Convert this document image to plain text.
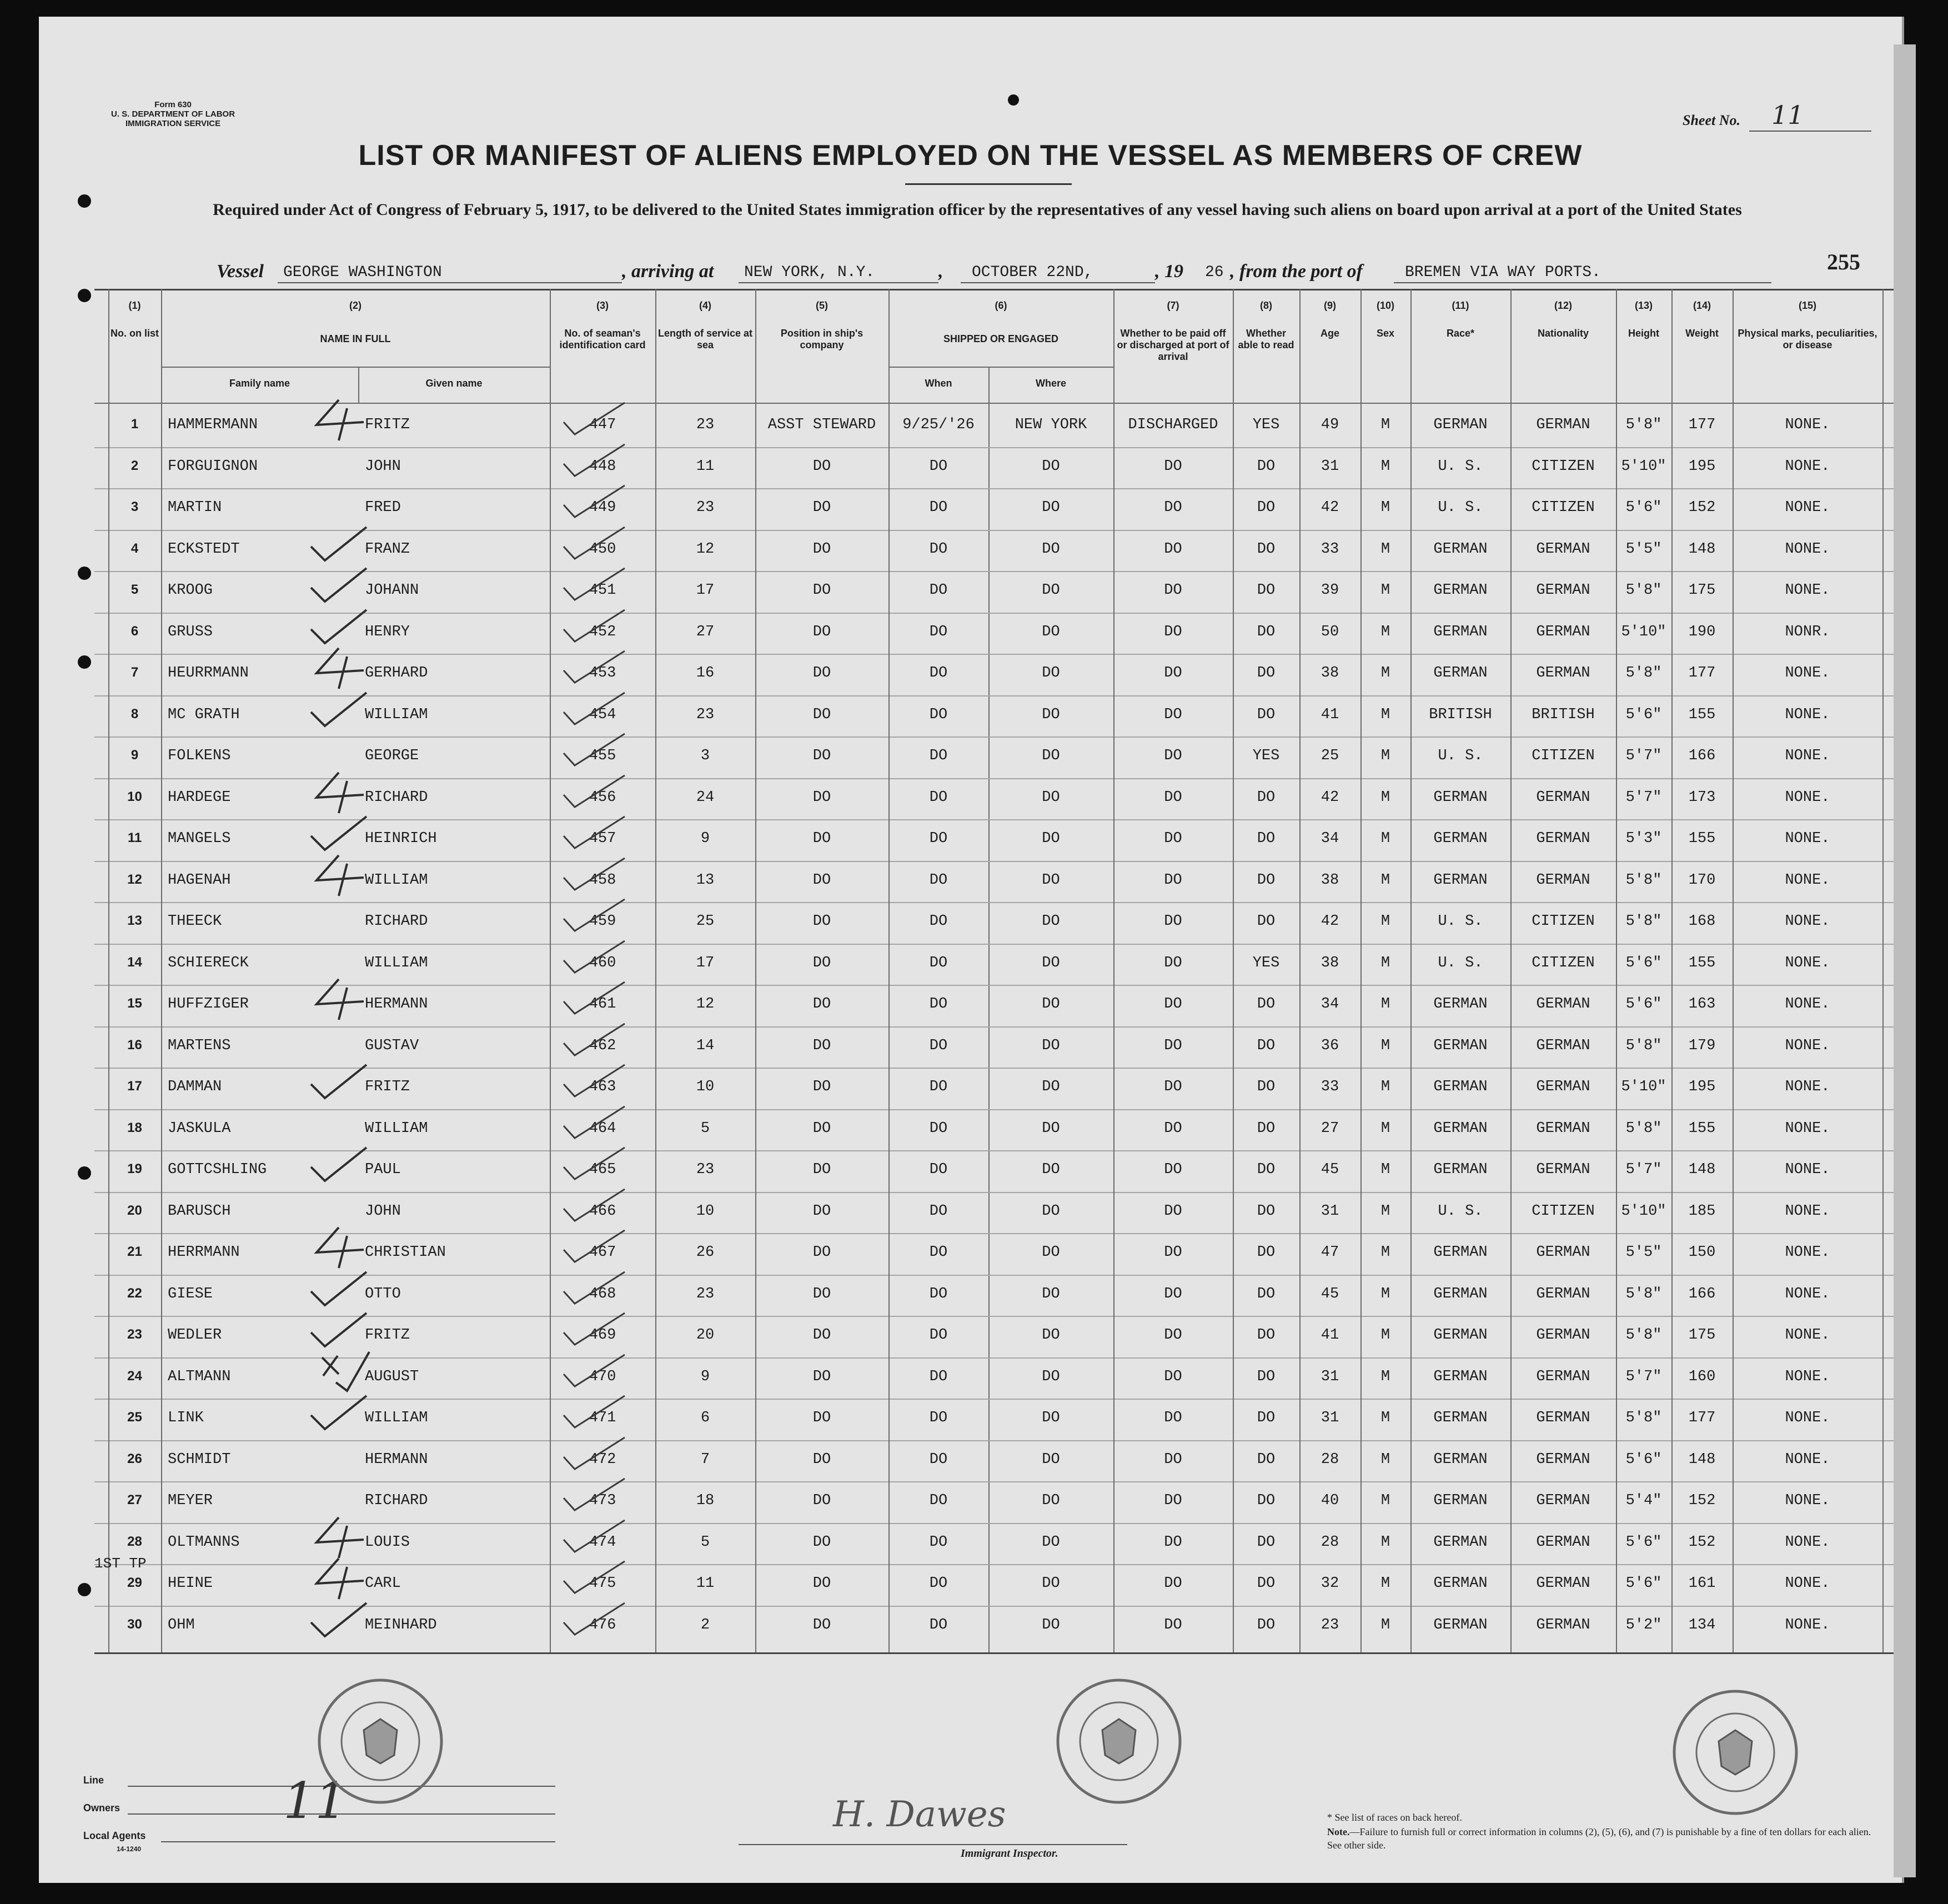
Form 630
U. S. DEPARTMENT OF LABOR
IMMIGRATION SERVICE	Sheet No. 11
LIST OR MANIFEST OF ALIENS EMPLOYED ON THE VESSEL AS MEMBERS OF CREW
Required under Act of Congress of February 5, 1917, to be delivered to the United States immigration officer by the representatives of any vessel having such aliens on board upon arrival at a port of the United States
Vessel GEORGE WASHINGTON	, arriving at NEW YORK, N.Y.	, OCTOBER 22ND,	, 19 26 , from the port of	BREMEN VIA WAY PORTS.	255
(1)
No. on list
(2)
NAME IN FULL
(3)
No. of seaman's identification card
(4)
Length of service at sea
(5)
Position in ship's company
(6)
SHIPPED OR ENGAGED
(7)
Whether to be paid off or discharged at port of arrival
(8)
Whether able to read
(9)
Age
(10)
Sex
(11)
Race*
(12)
Nationality
(13)
Height
(14)
Weight
(15)
Physical marks, peculiarities, or disease
Family name	Given name	When	Where
1	HAMMERMANN	FRITZ	447	23	ASST STEWARD	9/25/'26	NEW YORK	DISCHARGED	YES	49	M	GERMAN	GERMAN	5'8"	177	NONE.
2	FORGUIGNON	JOHN	448	11	DO	DO	DO	DO	DO	31	M	U. S.	CITIZEN	5'10"	195	NONE.
3	MARTIN	FRED	449	23	DO	DO	DO	DO	DO	42	M	U. S.	CITIZEN	5'6"	152	NONE.
4	ECKSTEDT	FRANZ	450	12	DO	DO	DO	DO	DO	33	M	GERMAN	GERMAN	5'5"	148	NONE.
5	KROOG	JOHANN	451	17	DO	DO	DO	DO	DO	39	M	GERMAN	GERMAN	5'8"	175	NONE.
6	GRUSS	HENRY	452	27	DO	DO	DO	DO	DO	50	M	GERMAN	GERMAN	5'10"	190	NONR.
7	HEURRMANN	GERHARD	453	16	DO	DO	DO	DO	DO	38	M	GERMAN	GERMAN	5'8"	177	NONE.
8	MC GRATH	WILLIAM	454	23	DO	DO	DO	DO	DO	41	M	BRITISH	BRITISH	5'6"	155	NONE.
9	FOLKENS	GEORGE	455	3	DO	DO	DO	DO	YES	25	M	U. S.	CITIZEN	5'7"	166	NONE.
10	HARDEGE	RICHARD	456	24	DO	DO	DO	DO	DO	42	M	GERMAN	GERMAN	5'7"	173	NONE.
11	MANGELS	HEINRICH	457	9	DO	DO	DO	DO	DO	34	M	GERMAN	GERMAN	5'3"	155	NONE.
12	HAGENAH	WILLIAM	458	13	DO	DO	DO	DO	DO	38	M	GERMAN	GERMAN	5'8"	170	NONE.
13	THEECK	RICHARD	459	25	DO	DO	DO	DO	DO	42	M	U. S.	CITIZEN	5'8"	168	NONE.
14	SCHIERECK	WILLIAM	460	17	DO	DO	DO	DO	YES	38	M	U. S.	CITIZEN	5'6"	155	NONE.
15	HUFFZIGER	HERMANN	461	12	DO	DO	DO	DO	DO	34	M	GERMAN	GERMAN	5'6"	163	NONE.
16	MARTENS	GUSTAV	462	14	DO	DO	DO	DO	DO	36	M	GERMAN	GERMAN	5'8"	179	NONE.
17	DAMMAN	FRITZ	463	10	DO	DO	DO	DO	DO	33	M	GERMAN	GERMAN	5'10"	195	NONE.
18	JASKULA	WILLIAM	464	5	DO	DO	DO	DO	DO	27	M	GERMAN	GERMAN	5'8"	155	NONE.
19	GOTTCSHLING	PAUL	465	23	DO	DO	DO	DO	DO	45	M	GERMAN	GERMAN	5'7"	148	NONE.
20	BARUSCH	JOHN	466	10	DO	DO	DO	DO	DO	31	M	U. S.	CITIZEN	5'10"	185	NONE.
21	HERRMANN	CHRISTIAN	467	26	DO	DO	DO	DO	DO	47	M	GERMAN	GERMAN	5'5"	150	NONE.
22	GIESE	OTTO	468	23	DO	DO	DO	DO	DO	45	M	GERMAN	GERMAN	5'8"	166	NONE.
23	WEDLER	FRITZ	469	20	DO	DO	DO	DO	DO	41	M	GERMAN	GERMAN	5'8"	175	NONE.
24	ALTMANN	AUGUST	470	9	DO	DO	DO	DO	DO	31	M	GERMAN	GERMAN	5'7"	160	NONE.
25	LINK	WILLIAM	471	6	DO	DO	DO	DO	DO	31	M	GERMAN	GERMAN	5'8"	177	NONE.
26	SCHMIDT	HERMANN	472	7	DO	DO	DO	DO	DO	28	M	GERMAN	GERMAN	5'6"	148	NONE.
27	MEYER	RICHARD	473	18	DO	DO	DO	DO	DO	40	M	GERMAN	GERMAN	5'4"	152	NONE.
28	OLTMANNS	LOUIS	474	5	DO	DO	DO	DO	DO	28	M	GERMAN	GERMAN	5'6"	152	NONE.
29	HEINE	CARL	475	11	DO	DO	DO	DO	DO	32	M	GERMAN	GERMAN	5'6"	161	NONE.
30	OHM	MEINHARD	476	2	DO	DO	DO	DO	DO	23	M	GERMAN	GERMAN	5'2"	134	NONE.
1ST TP
Line
Owners
Local Agents
14-1240
11	H. Dawes
Immigrant Inspector.
* See list of races on back hereof.
Note.—Failure to furnish full or correct information in columns (2), (5), (6), and (7) is punishable by a fine of ten dollars for each alien. See other side.
